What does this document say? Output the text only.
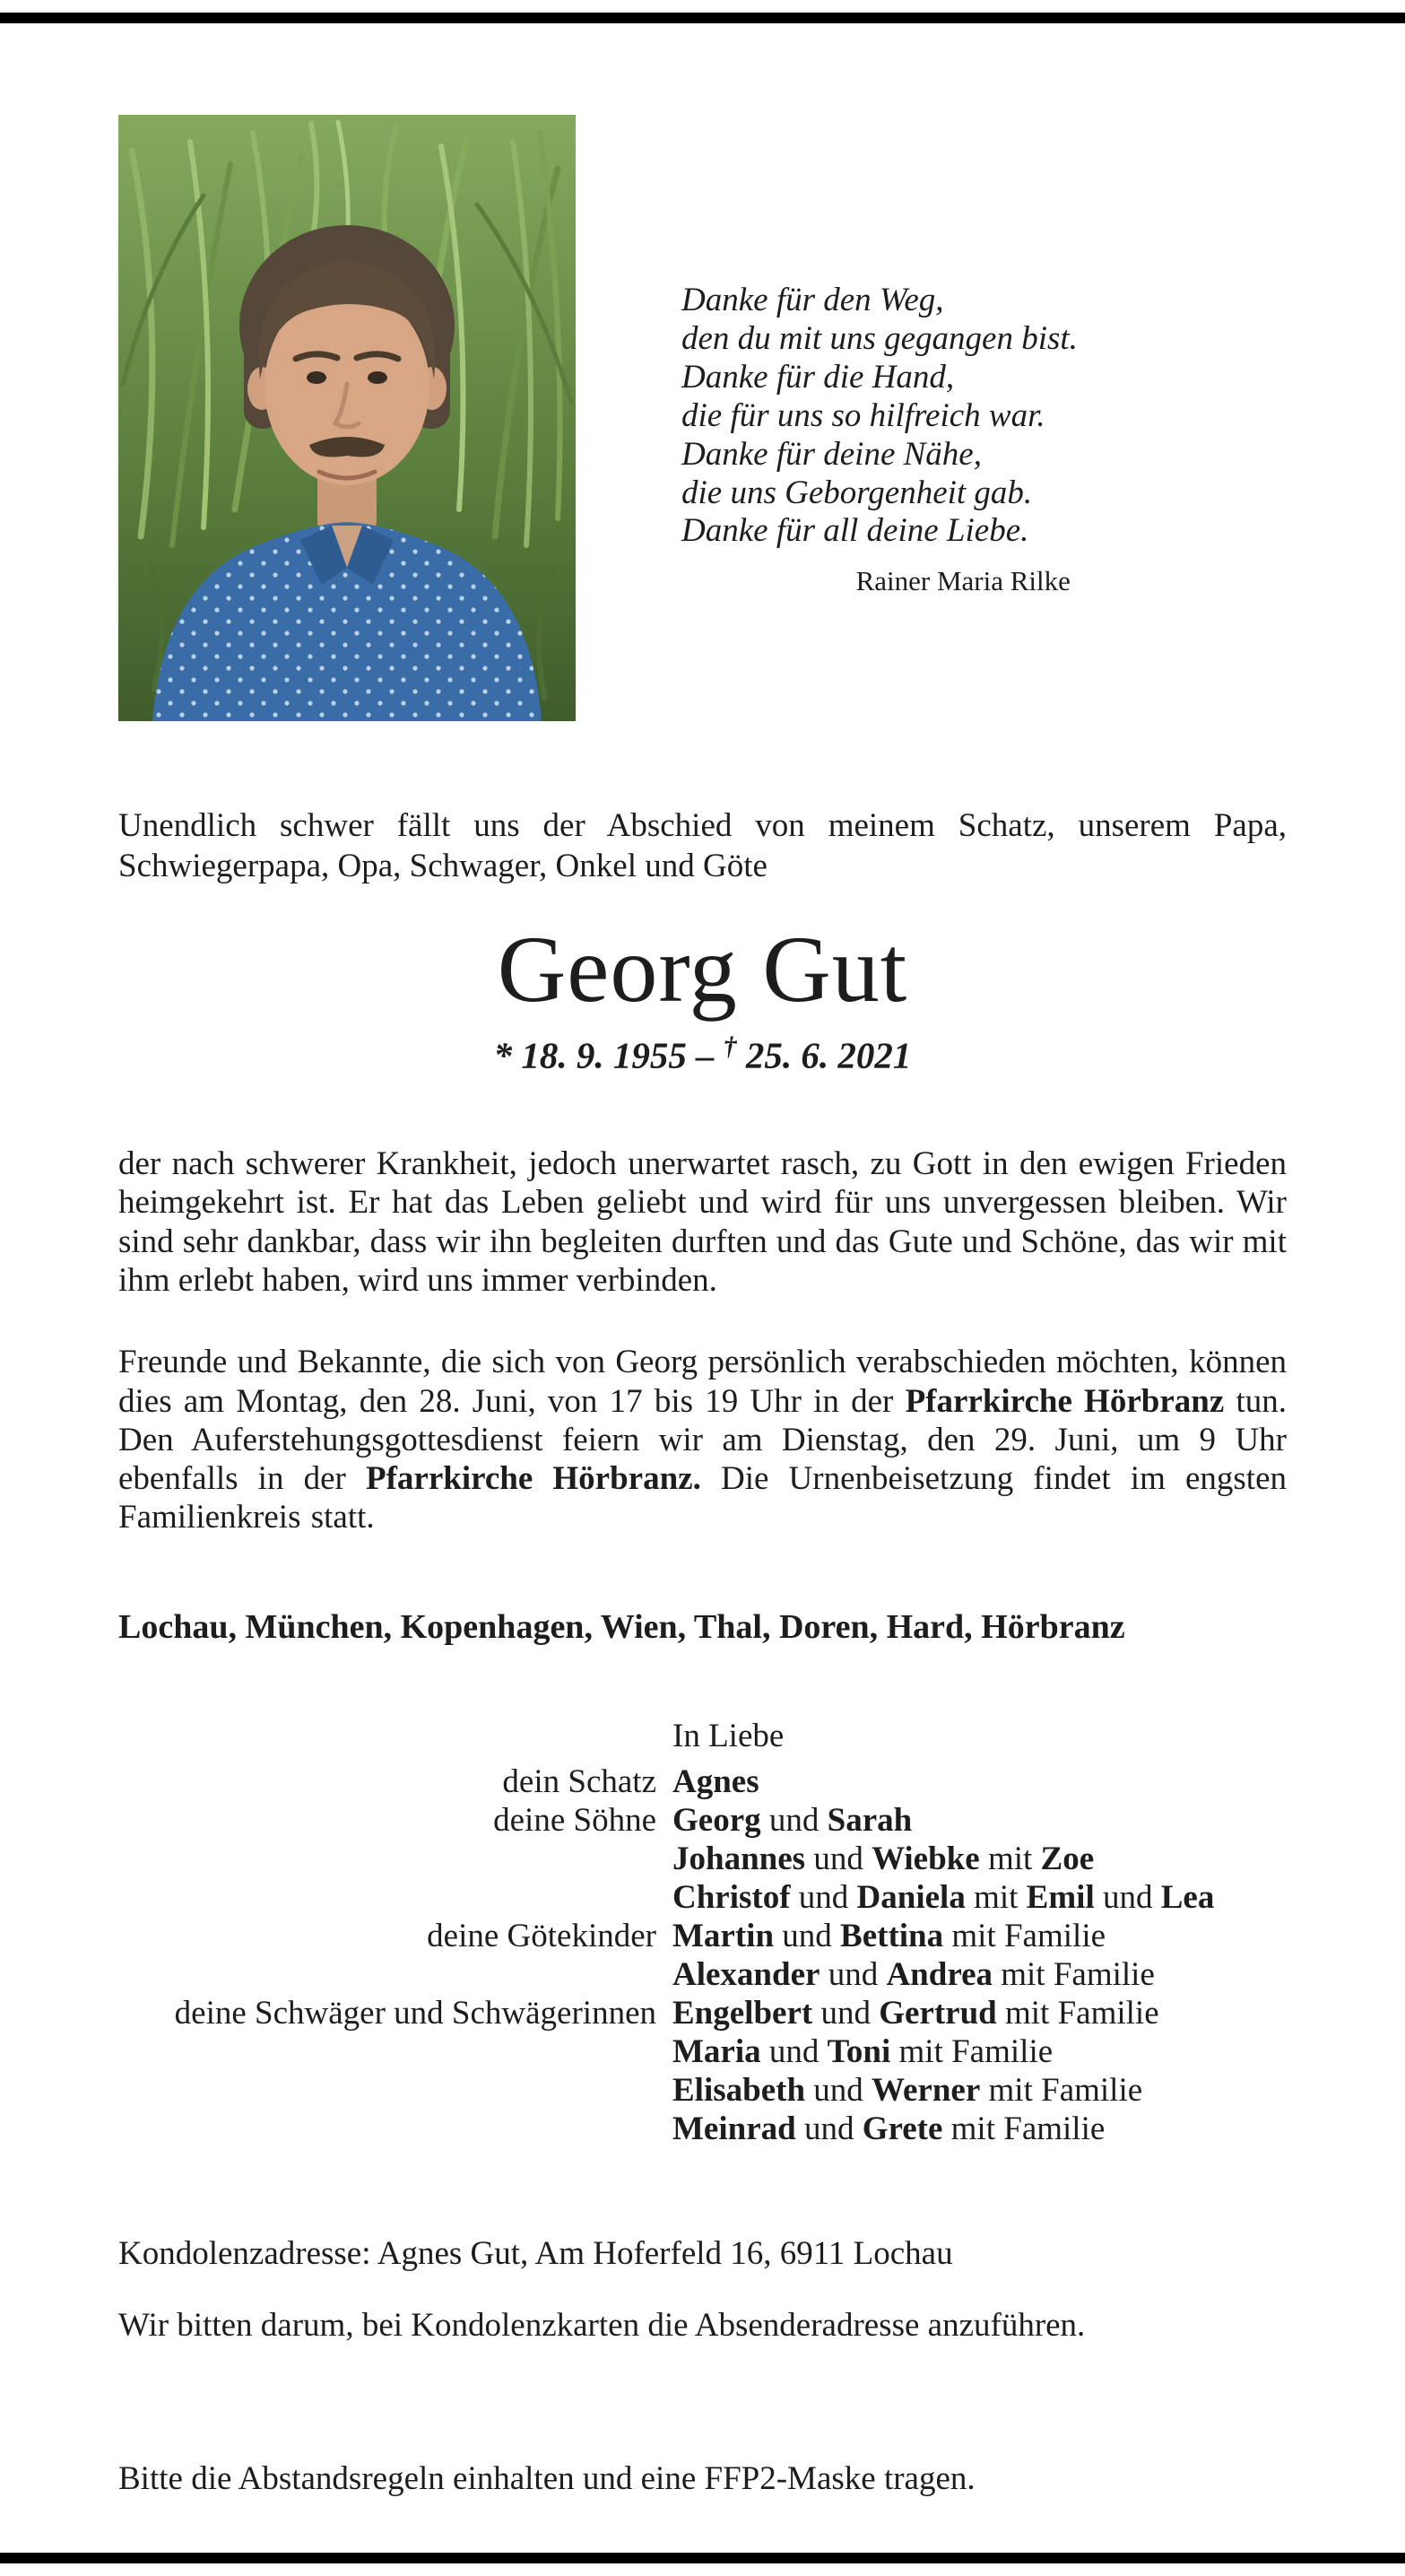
Danke für den Weg,
den du mit uns gegangen bist.
Danke für die Hand,
die für uns so hilfreich war.
Danke für deine Nähe,
die uns Geborgenheit gab.
Danke für all deine Liebe.
Rainer Maria Rilke

Unendlich schwer fällt uns der Abschied von meinem Schatz, unserem Papa, Schwiegerpapa, Opa, Schwager, Onkel und Göte

Georg Gut
* 18. 9. 1955 – † 25. 6. 2021

der nach schwerer Krankheit, jedoch unerwartet rasch, zu Gott in den ewigen Frieden heimgekehrt ist. Er hat das Leben geliebt und wird für uns unvergessen bleiben. Wir sind sehr dankbar, dass wir ihn begleiten durften und das Gute und Schöne, das wir mit ihm erlebt haben, wird uns immer verbinden.

Freunde und Bekannte, die sich von Georg persönlich verabschieden möchten, können dies am Montag, den 28. Juni, von 17 bis 19 Uhr in der Pfarrkirche Hörbranz tun. Den Auferstehungsgottesdienst feiern wir am Dienstag, den 29. Juni, um 9 Uhr ebenfalls in der Pfarrkirche Hörbranz. Die Urnenbeisetzung findet im engsten Familienkreis statt.

Lochau, München, Kopenhagen, Wien, Thal, Doren, Hard, Hörbranz
In Liebe
dein Schatz Agnes
deine Söhne Georg und Sarah
Johannes und Wiebke mit Zoe
Christof und Daniela mit Emil und Lea
deine Götekinder Martin und Bettina mit Familie
Alexander und Andrea mit Familie
deine Schwäger und Schwägerinnen Engelbert und Gertrud mit Familie
Maria und Toni mit Familie
Elisabeth und Werner mit Familie
Meinrad und Grete mit Familie
Kondolenzadresse: Agnes Gut, Am Hoferfeld 16, 6911 Lochau
Wir bitten darum, bei Kondolenzkarten die Absenderadresse anzuführen.
Bitte die Abstandsregeln einhalten und eine FFP2-Maske tragen.
